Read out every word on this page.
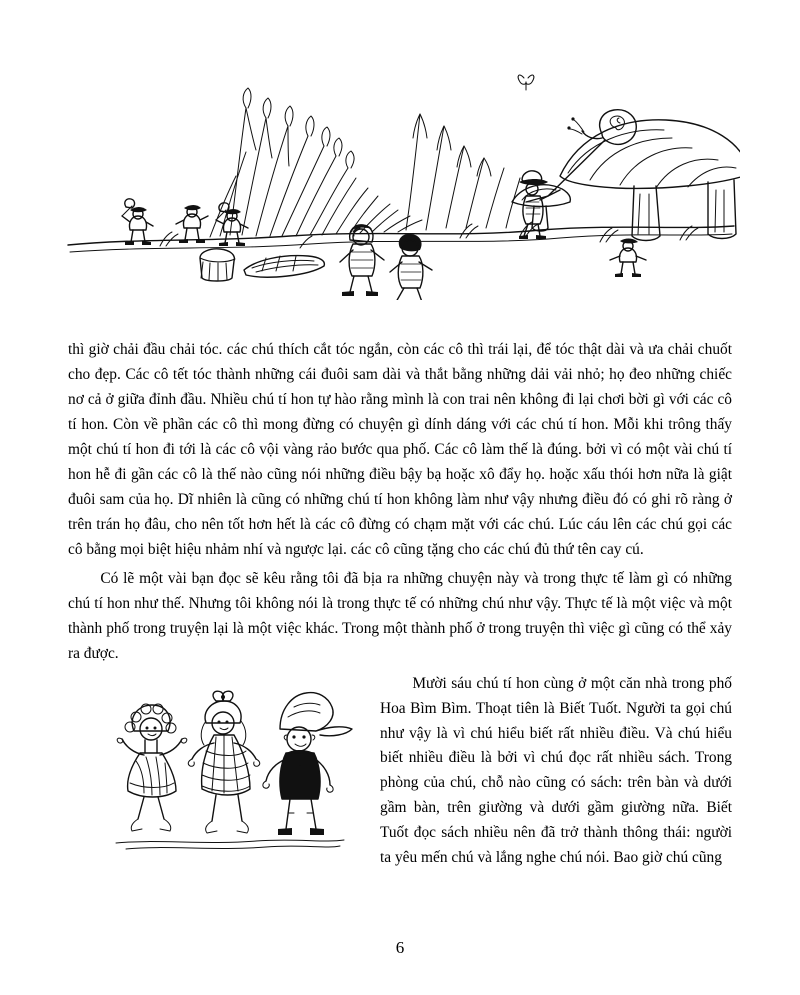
thì giờ chải đầu chải tóc. các chú thích cắt tóc ngắn, còn các cô thì trái lại, để tóc thật dài và ưa chải chuốt cho đẹp. Các cô tết tóc thành những cái đuôi sam dài và thắt bằng những dải vải nhỏ; họ đeo những chiếc nơ cả ở giữa đỉnh đầu. Nhiều chú tí hon tự hào rằng mình là con trai nên không đi lại chơi bời gì với các cô tí hon. Còn về phần các cô thì mong đừng có chuyện gì dính dáng với các chú tí hon. Mỗi khi trông thấy một chú tí hon đi tới là các cô vội vàng rảo bước qua phố. Các cô làm thế là đúng. bởi vì có một vài chú tí hon hễ đi gần các cô là thế nào cũng nói những điều bậy bạ hoặc xô đẩy họ. hoặc xấu thói hơn nữa là giật đuôi sam của họ. Dĩ nhiên là cũng có những chú tí hon không làm như vậy nhưng điều đó có ghi rõ ràng ở trên trán họ đâu, cho nên tốt hơn hết là các cô đừng có chạm mặt với các chú. Lúc cáu lên các chú gọi các cô bằng mọi biệt hiệu nhảm nhí và ngược lại. các cô cũng tặng cho các chú đủ thứ tên cay cú.

Có lẽ một vài bạn đọc sẽ kêu rằng tôi đã bịa ra những chuyện này và trong thực tế làm gì có những chú tí hon như thế. Nhưng tôi không nói là trong thực tế có những chú như vậy. Thực tế là một việc và một thành phố trong truyện lại là một việc khác. Trong một thành phố ở trong truyện thì việc gì cũng có thể xảy ra được.

Mười sáu chú tí hon cùng ở một căn nhà trong phố Hoa Bìm Bìm. Thoạt tiên là Biết Tuốt. Người ta gọi chú như vậy là vì chú hiểu biết rất nhiều điều. Và chú hiểu biết nhiều điều là bởi vì chú đọc rất nhiều sách. Trong phòng của chú, chỗ nào cũng có sách: trên bàn và dưới gầm bàn, trên giường và dưới gầm giường nữa. Biết Tuốt đọc sách nhiều nên đã trở thành thông thái: người ta yêu mến chú và lắng nghe chú nói. Bao giờ chú cũng

6
